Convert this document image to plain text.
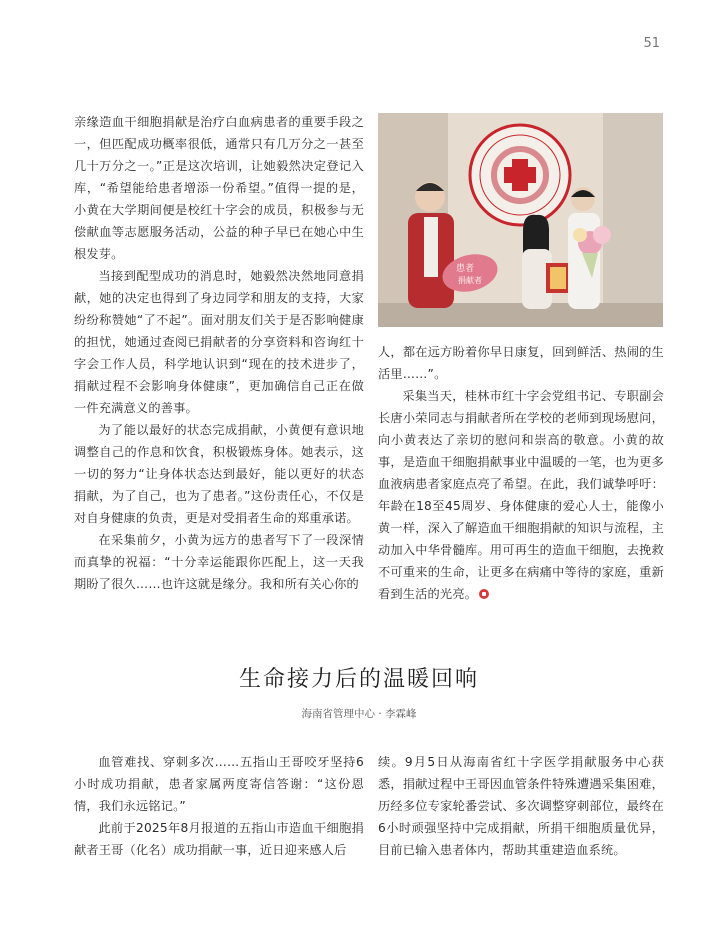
51

亲缘造血干细胞捐献是治疗白血病患者的重要手段之一，但匹配成功概率很低，通常只有几万分之一甚至几十万分之一。”正是这次培训，让她毅然决定登记入库，“希望能给患者增添一份希望。”值得一提的是，小黄在大学期间便是校红十字会的成员，积极参与无偿献血等志愿服务活动，公益的种子早已在她心中生根发芽。

当接到配型成功的消息时，她毅然决然地同意捐献，她的决定也得到了身边同学和朋友的支持，大家纷纷称赞她“了不起”。面对朋友们关于是否影响健康的担忧，她通过查阅已捐献者的分享资料和咨询红十字会工作人员，科学地认识到“现在的技术进步了，捐献过程不会影响身体健康”，更加确信自己正在做一件充满意义的善事。

为了能以最好的状态完成捐献，小黄便有意识地调整自己的作息和饮食，积极锻炼身体。她表示，这一切的努力“让身体状态达到最好，能以更好的状态捐献，为了自己，也为了患者。”这份责任心，不仅是对自身健康的负责，更是对受捐者生命的郑重承诺。

在采集前夕，小黄为远方的患者写下了一段深情而真挚的祝福：“十分幸运能跟你匹配上，这一天我期盼了很久……也许这就是缘分。我和所有关心你的

患者
捐献者

人，都在远方盼着你早日康复，回到鲜活、热闹的生活里……”。

采集当天，桂林市红十字会党组书记、专职副会长唐小荣同志与捐献者所在学校的老师到现场慰问，向小黄表达了亲切的慰问和崇高的敬意。小黄的故事，是造血干细胞捐献事业中温暖的一笔，也为更多血液病患者家庭点亮了希望。在此，我们诚挚呼吁：年龄在18至45周岁、身体健康的爱心人士，能像小黄一样，深入了解造血干细胞捐献的知识与流程，主动加入中华骨髓库。用可再生的造血干细胞，去挽救不可重来的生命，让更多在病痛中等待的家庭，重新看到生活的光亮。

生命接力后的温暖回响
海南省管理中心 · 李霖峰

血管难找、穿刺多次……五指山王哥咬牙坚持6小时成功捐献，患者家属两度寄信答谢：“这份恩情，我们永远铭记。”

此前于2025年8月报道的五指山市造血干细胞捐献者王哥（化名）成功捐献一事，近日迎来感人后

续。9月5日从海南省红十字医学捐献服务中心获悉，捐献过程中王哥因血管条件特殊遭遇采集困难，历经多位专家轮番尝试、多次调整穿刺部位，最终在6小时顽强坚持中完成捐献，所捐干细胞质量优异，目前已输入患者体内，帮助其重建造血系统。
